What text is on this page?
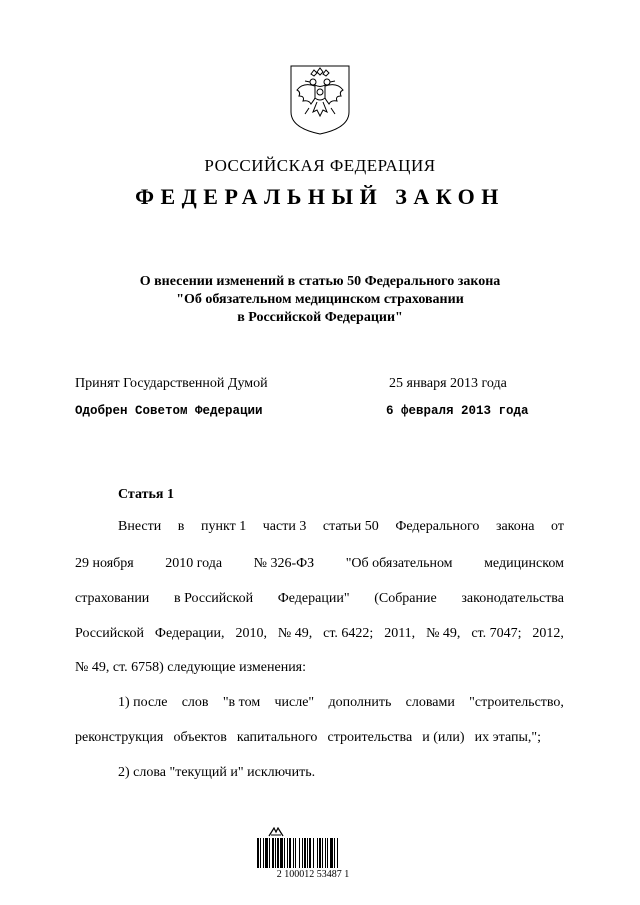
РОССИЙСКАЯ ФЕДЕРАЦИЯ
ФЕДЕРАЛЬНЫЙ ЗАКОН
О внесении изменений в статью 50 Федерального закона
"Об обязательном медицинском страховании
в Российской Федерации"
Принят Государственной Думой	25 января 2013 года
Одобрен Советом Федерации	6 февраля 2013 года
Статья 1
Внести в пункт 1 части 3 статьи 50 Федерального закона от
29 ноября 2010 года № 326-ФЗ "Об обязательном медицинском
страховании в Российской Федерации" (Собрание законодательства
Российской Федерации, 2010, № 49, ст. 6422; 2011, № 49, ст. 7047; 2012,
№ 49, ст. 6758) следующие изменения:
1) после слов "в том числе" дополнить словами "строительство,
реконструкция объектов капитального строительства и (или) их этапы,";
2) слова "текущий и" исключить.
2 100012 53487 1
